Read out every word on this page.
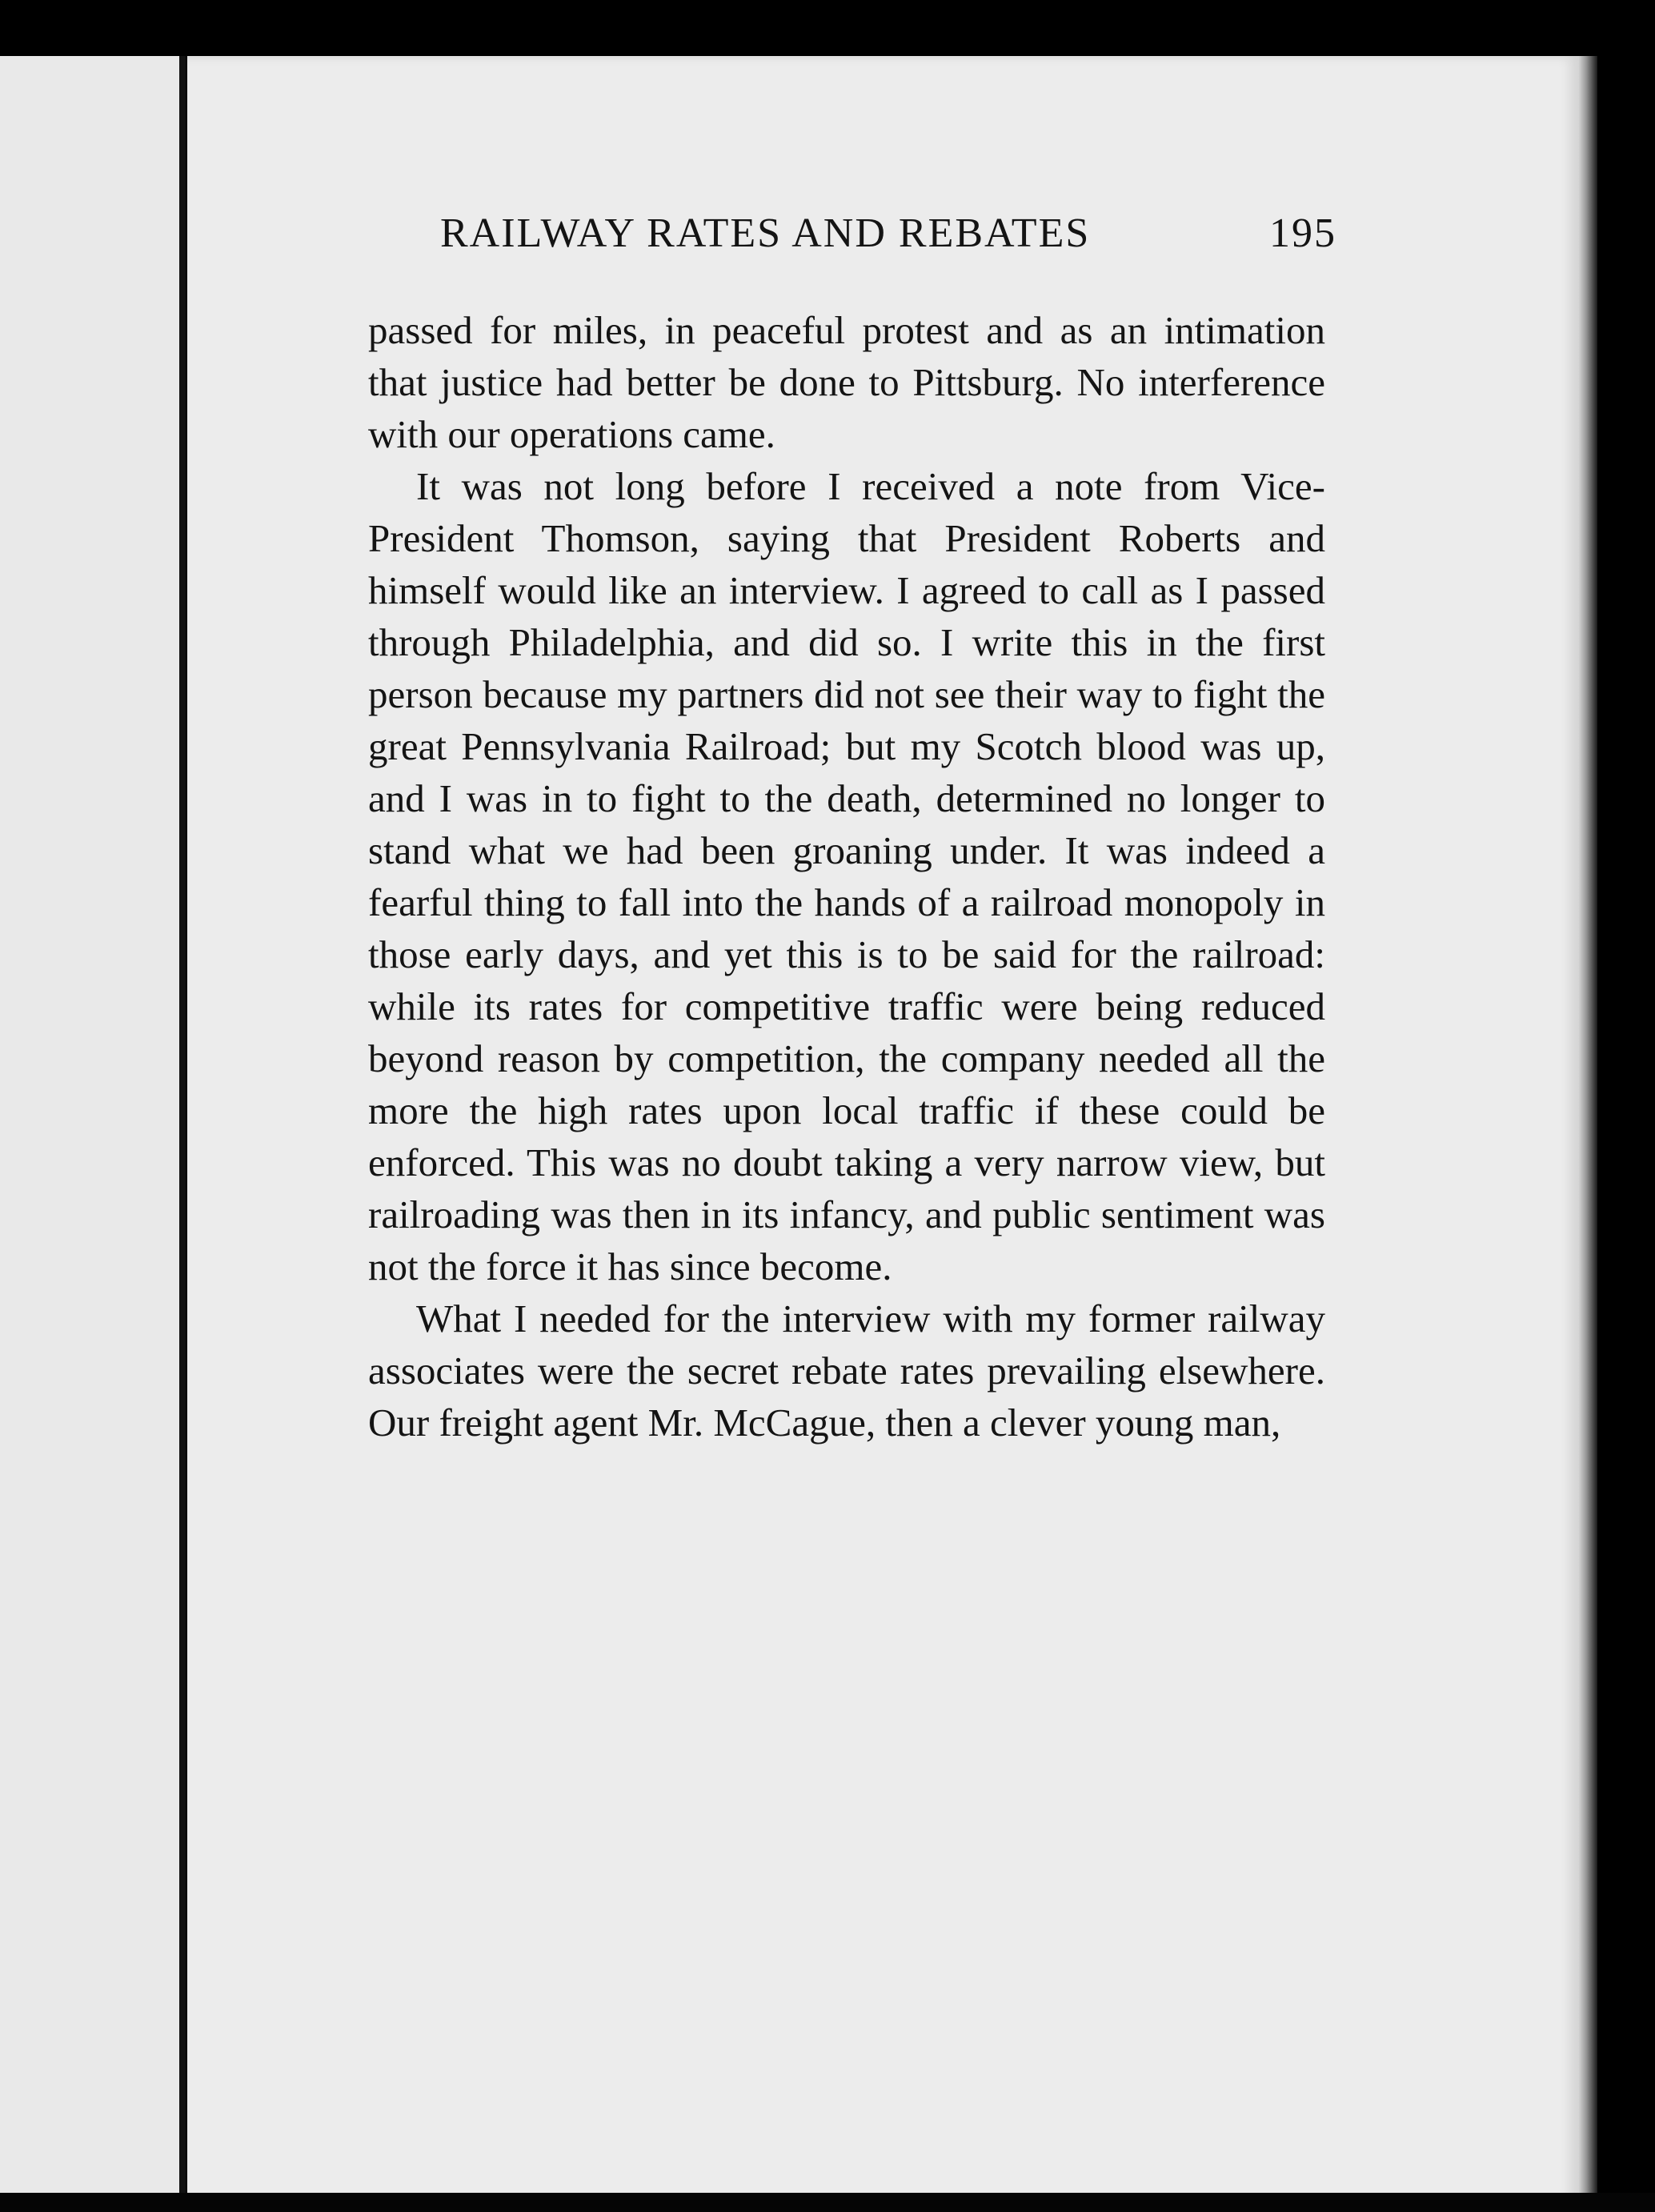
RAILWAY RATES AND REBATES	195

passed for miles, in peaceful protest and as an intimation that justice had better be done to Pittsburg. No interference with our operations came.

It was not long before I received a note from Vice-President Thomson, saying that President Roberts and himself would like an interview. I agreed to call as I passed through Philadelphia, and did so. I write this in the first person because my partners did not see their way to fight the great Pennsylvania Railroad; but my Scotch blood was up, and I was in to fight to the death, determined no longer to stand what we had been groaning under. It was indeed a fearful thing to fall into the hands of a railroad monopoly in those early days, and yet this is to be said for the railroad: while its rates for competitive traffic were being reduced beyond reason by competition, the company needed all the more the high rates upon local traffic if these could be enforced. This was no doubt taking a very narrow view, but railroading was then in its infancy, and public sentiment was not the force it has since become.

What I needed for the interview with my former railway associates were the secret rebate rates prevailing elsewhere. Our freight agent Mr. McCague, then a clever young man,
